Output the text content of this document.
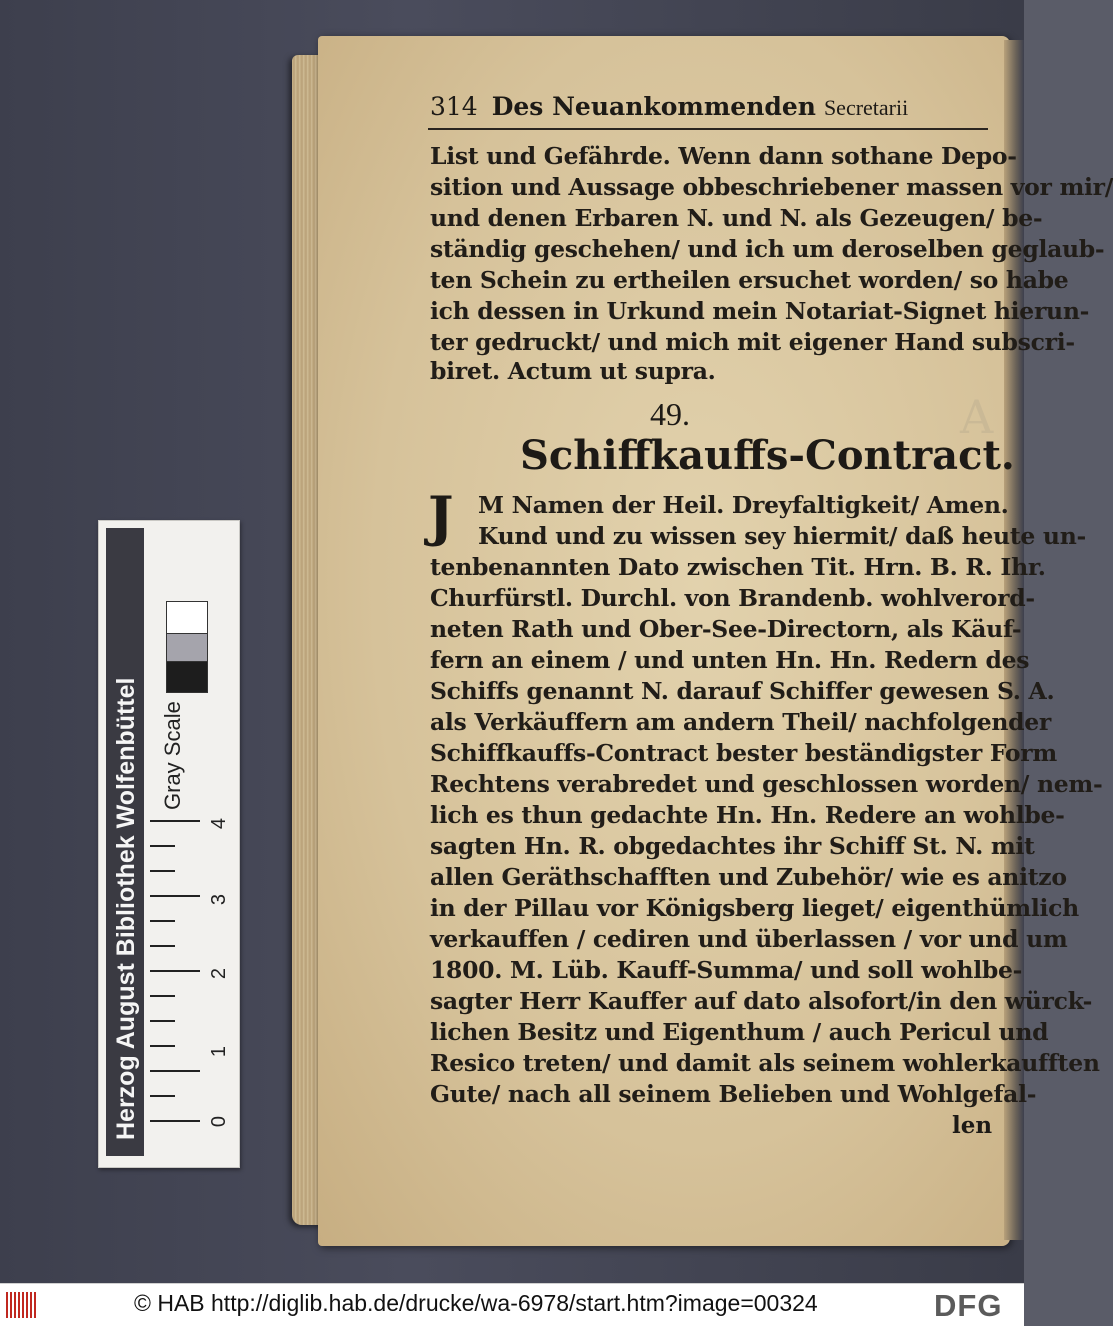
A
314 Des Neuankommenden Secretarii
List und Gefährde. Wenn dann sothane Depo-
sition und Aussage obbeschriebener massen vor mir/
und denen Erbaren N. und N. als Gezeugen/ be-
ständig geschehen/ und ich um deroselben geglaub-
ten Schein zu ertheilen ersuchet worden/ so habe
ich dessen in Urkund mein Notariat-Signet hierun-
ter gedruckt/ und mich mit eigener Hand subscri-
biret. Actum ut supra.
49.
Schiffkauffs-Contract.
J	M Namen der Heil. Dreyfaltigkeit/ Amen.
Kund und zu wissen sey hiermit/ daß heute un-
tenbenannten Dato zwischen Tit. Hrn. B. R. Ihr.
Churfürstl. Durchl. von Brandenb. wohlverord-
neten Rath und Ober-See-Directorn, als Käuf-
fern an einem / und unten Hn. Hn. Redern des
Schiffs genannt N. darauf Schiffer gewesen S. A.
als Verkäuffern am andern Theil/ nachfolgender
Schiffkauffs-Contract bester beständigster Form
Rechtens verabredet und geschlossen worden/ nem-
lich es thun gedachte Hn. Hn. Redere an wohlbe-
sagten Hn. R. obgedachtes ihr Schiff St. N. mit
allen Geräthschafften und Zubehör/ wie es anitzo
in der Pillau vor Königsberg lieget/ eigenthümlich
verkauffen / cediren und überlassen / vor und um
1800. M. Lüb. Kauff-Summa/ und soll wohlbe-
sagter Herr Kauffer auf dato alsofort/in den würck-
lichen Besitz und Eigenthum / auch Pericul und
Resico treten/ und damit als seinem wohlerkaufften
Gute/ nach all seinem Belieben und Wohlgefal-
len
Herzog August Bibliothek Wolfenbüttel Gray Scale
0
1
2
3
4
© HAB http://diglib.hab.de/drucke/wa-6978/start.htm?image=00324	DFG
